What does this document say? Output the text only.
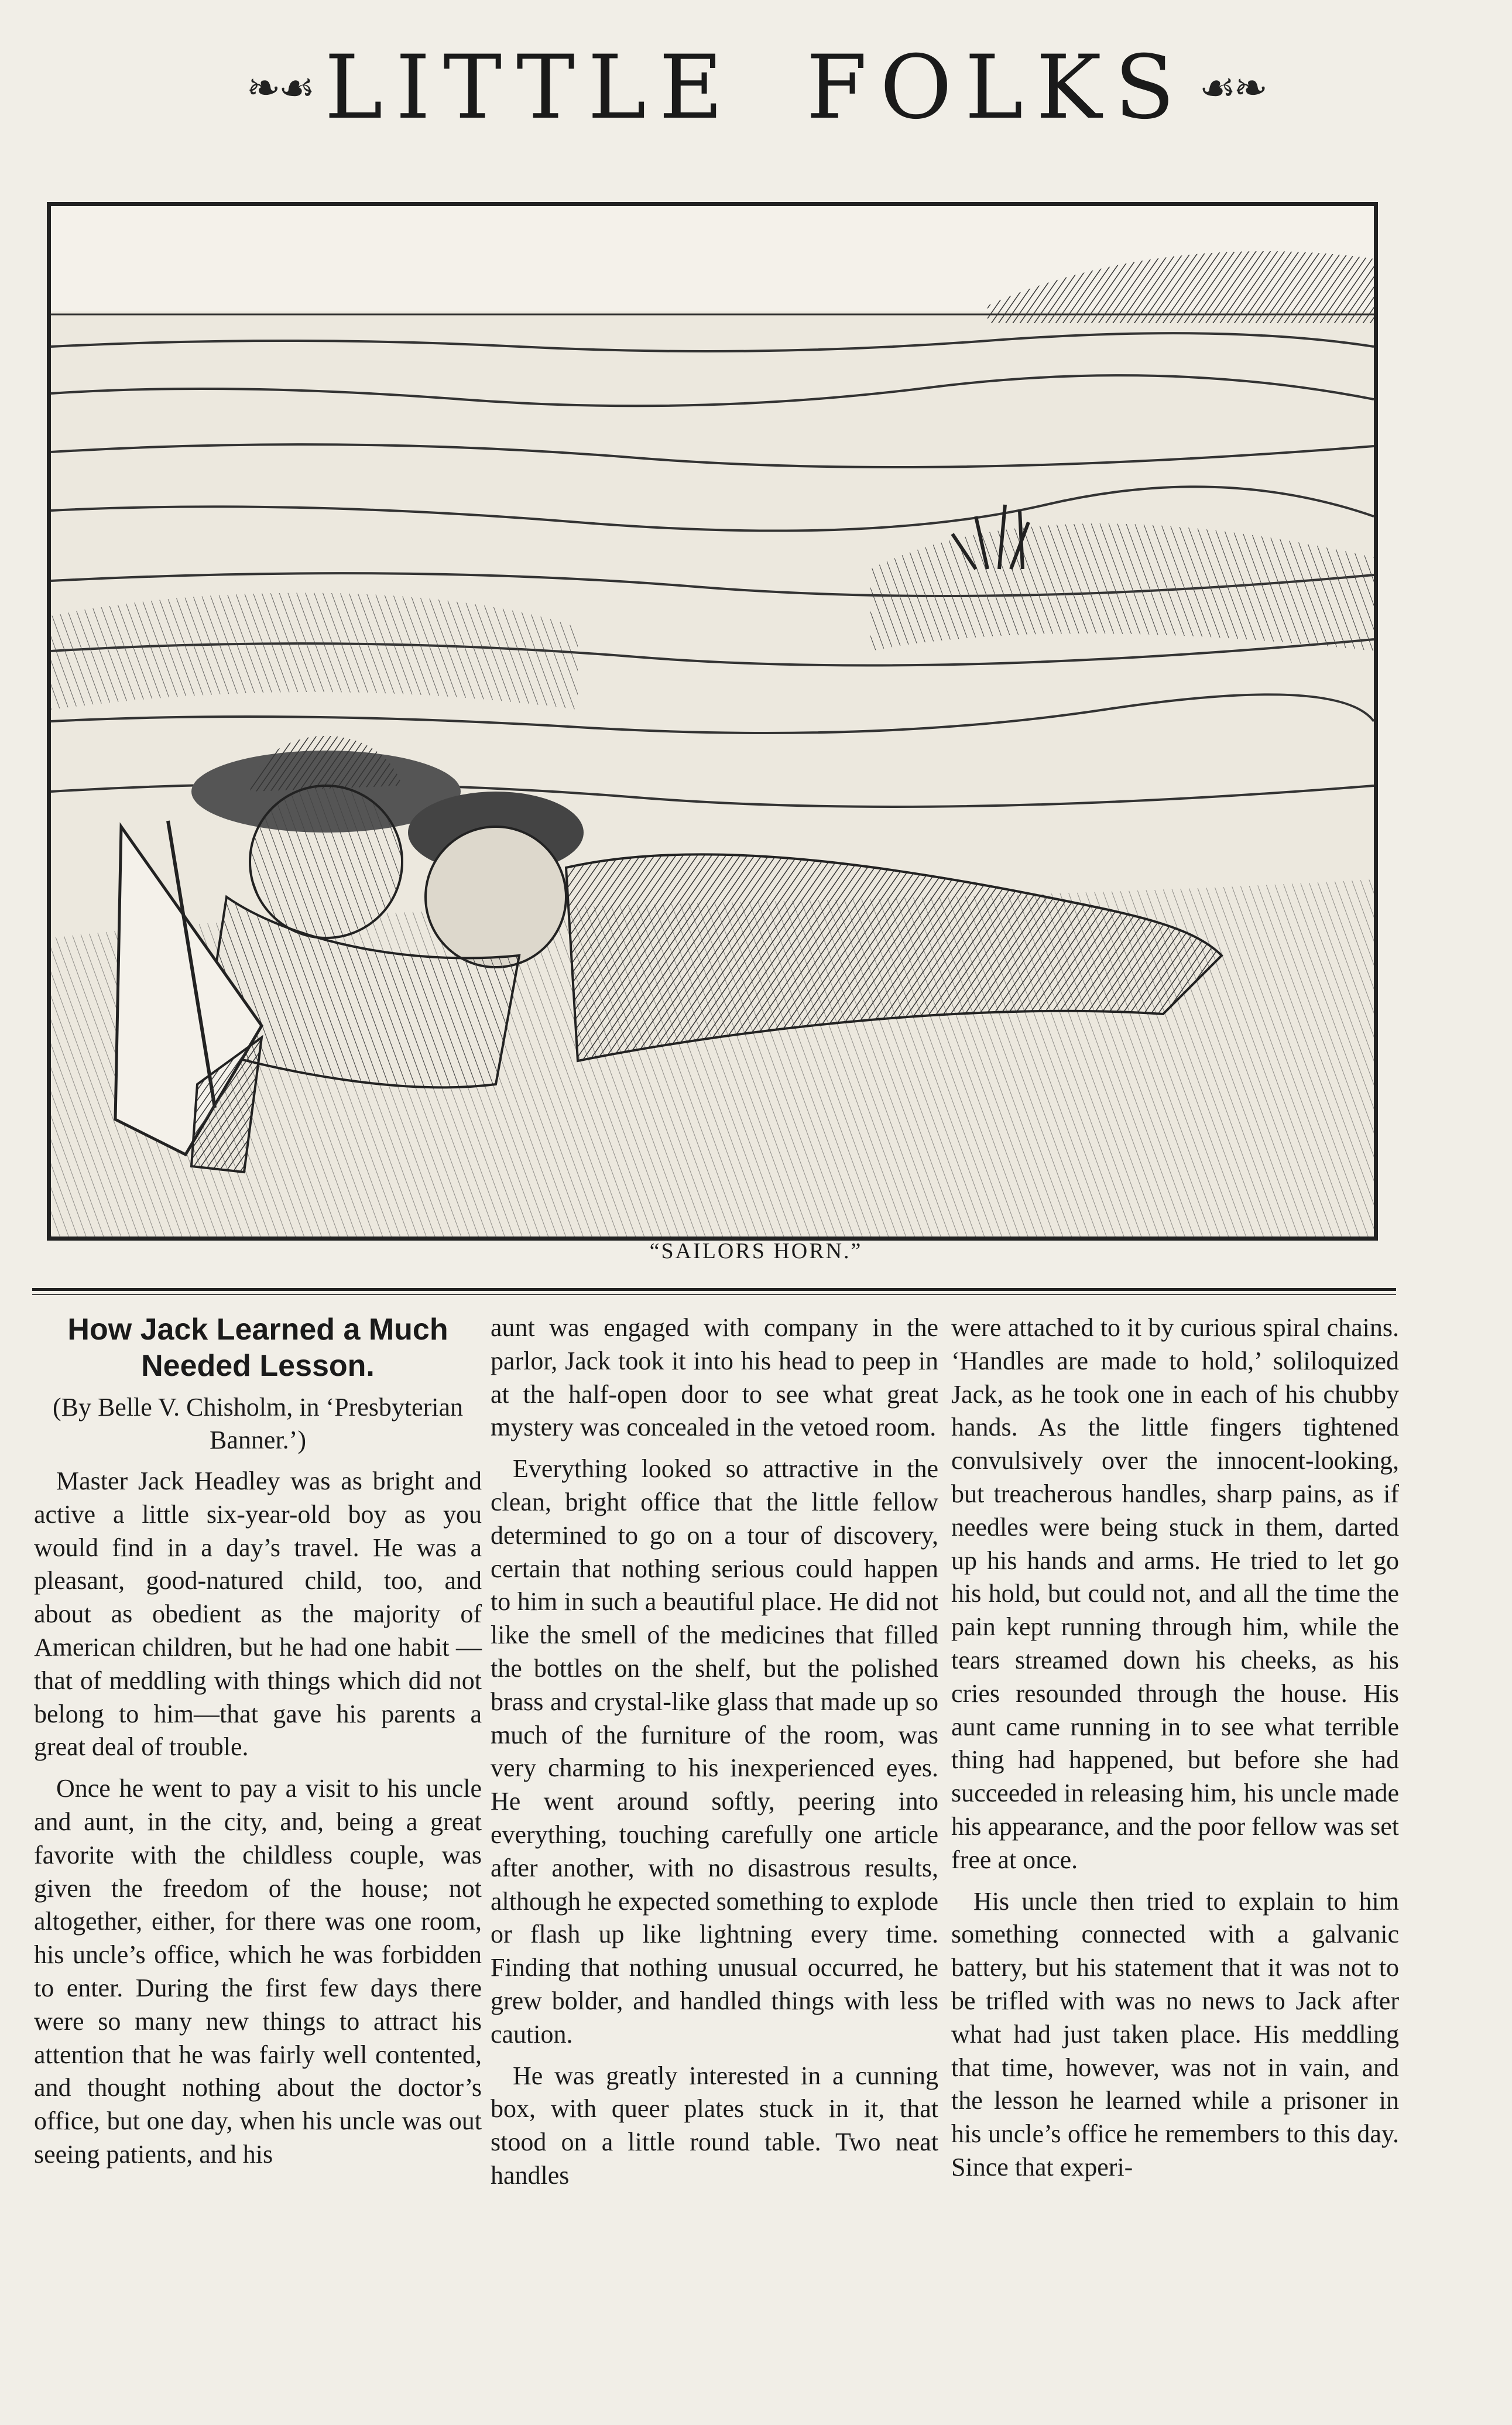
❧☙ LITTLE FOLKS ☙❧
“SAILORS HORN.”
How Jack Learned a Much Needed Lesson.
(By Belle V. Chisholm, in ‘Presbyterian Banner.’)

Master Jack Headley was as bright and active a little six-year-old boy as you would find in a day’s travel. He was a pleasant, good-natured child, too, and about as obedient as the majority of American children, but he had one habit —that of meddling with things which did not belong to him—that gave his parents a great deal of trouble.

Once he went to pay a visit to his uncle and aunt, in the city, and, being a great favorite with the childless couple, was given the freedom of the house; not altogether, either, for there was one room, his uncle’s office, which he was forbidden to enter. During the first few days there were so many new things to attract his attention that he was fairly well contented, and thought nothing about the doctor’s office, but one day, when his uncle was out seeing patients, and his

aunt was engaged with company in the parlor, Jack took it into his head to peep in at the half-open door to see what great mystery was concealed in the vetoed room.

Everything looked so attractive in the clean, bright office that the little fellow determined to go on a tour of discovery, certain that nothing serious could happen to him in such a beautiful place. He did not like the smell of the medicines that filled the bottles on the shelf, but the polished brass and crystal-like glass that made up so much of the furniture of the room, was very charming to his inexperienced eyes. He went around softly, peering into everything, touching carefully one article after another, with no disastrous results, although he expected something to explode or flash up like lightning every time. Finding that nothing unusual occurred, he grew bolder, and handled things with less caution.

He was greatly interested in a cunning box, with queer plates stuck in it, that stood on a little round table. Two neat handles

were attached to it by curious spiral chains. ‘Handles are made to hold,’ soliloquized Jack, as he took one in each of his chubby hands. As the little fingers tightened convulsively over the innocent-looking, but treacherous handles, sharp pains, as if needles were being stuck in them, darted up his hands and arms. He tried to let go his hold, but could not, and all the time the pain kept running through him, while the tears streamed down his cheeks, as his cries resounded through the house. His aunt came running in to see what terrible thing had happened, but before she had succeeded in releasing him, his uncle made his appearance, and the poor fellow was set free at once.

His uncle then tried to explain to him something connected with a galvanic battery, but his statement that it was not to be trifled with was no news to Jack after what had just taken place. His meddling that time, however, was not in vain, and the lesson he learned while a prisoner in his uncle’s office he remembers to this day. Since that experi-
